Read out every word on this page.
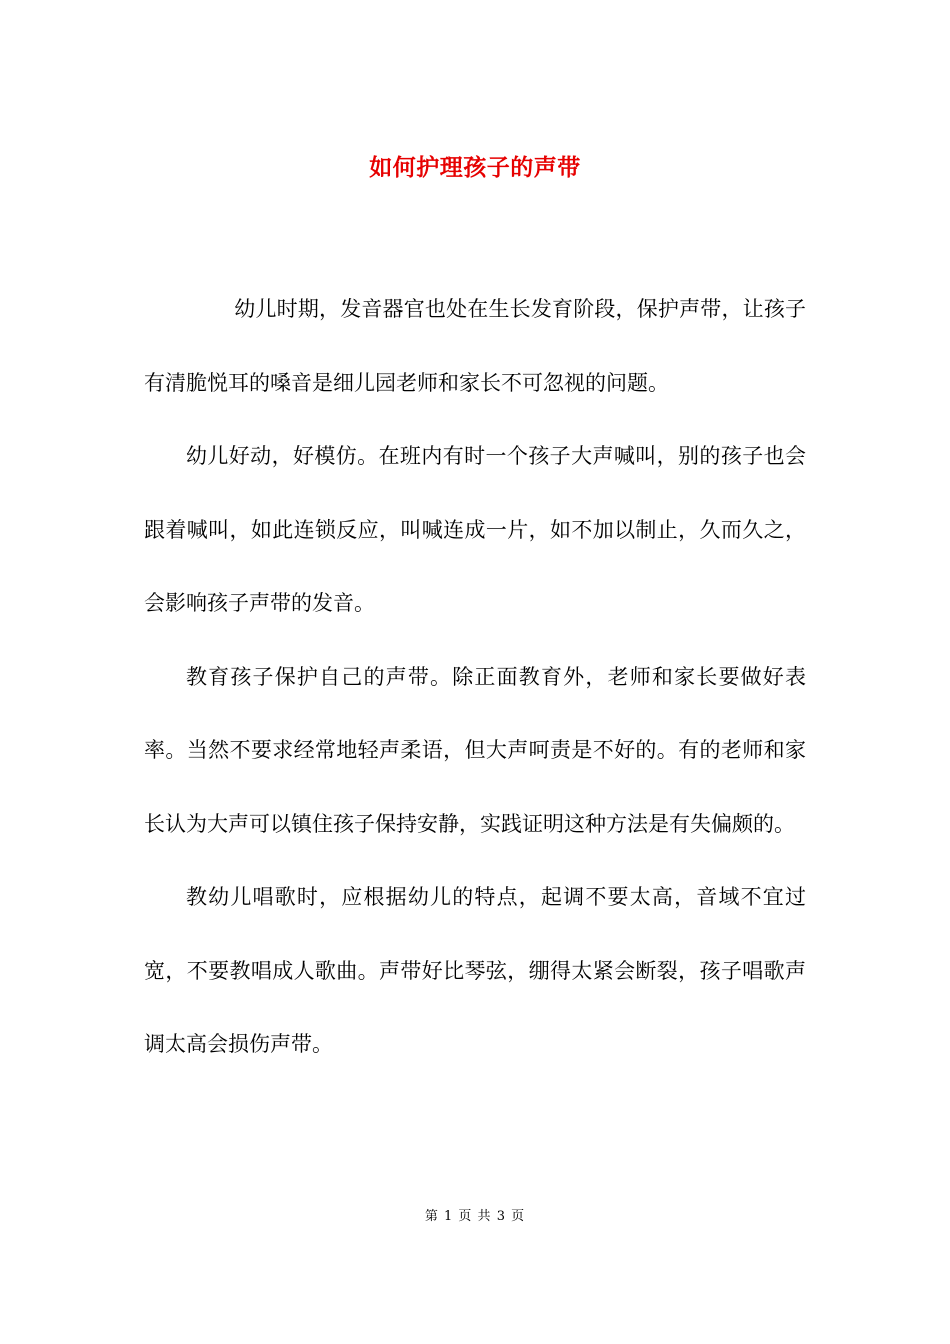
如何护理孩子的声带

幼儿时期，发音器官也处在生长发育阶段，保护声带，让孩子有清脆悦耳的嗓音是细儿园老师和家长不可忽视的问题。

幼儿好动，好模仿。在班内有时一个孩子大声喊叫，别的孩子也会跟着喊叫，如此连锁反应，叫喊连成一片，如不加以制止，久而久之，会影响孩子声带的发音。

教育孩子保护自己的声带。除正面教育外，老师和家长要做好表率。当然不要求经常地轻声柔语，但大声呵责是不好的。有的老师和家长认为大声可以镇住孩子保持安静，实践证明这种方法是有失偏颇的。

教幼儿唱歌时，应根据幼儿的特点，起调不要太高，音域不宜过宽，不要教唱成人歌曲。声带好比琴弦，绷得太紧会断裂，孩子唱歌声调太高会损伤声带。

第 1 页 共 3 页
